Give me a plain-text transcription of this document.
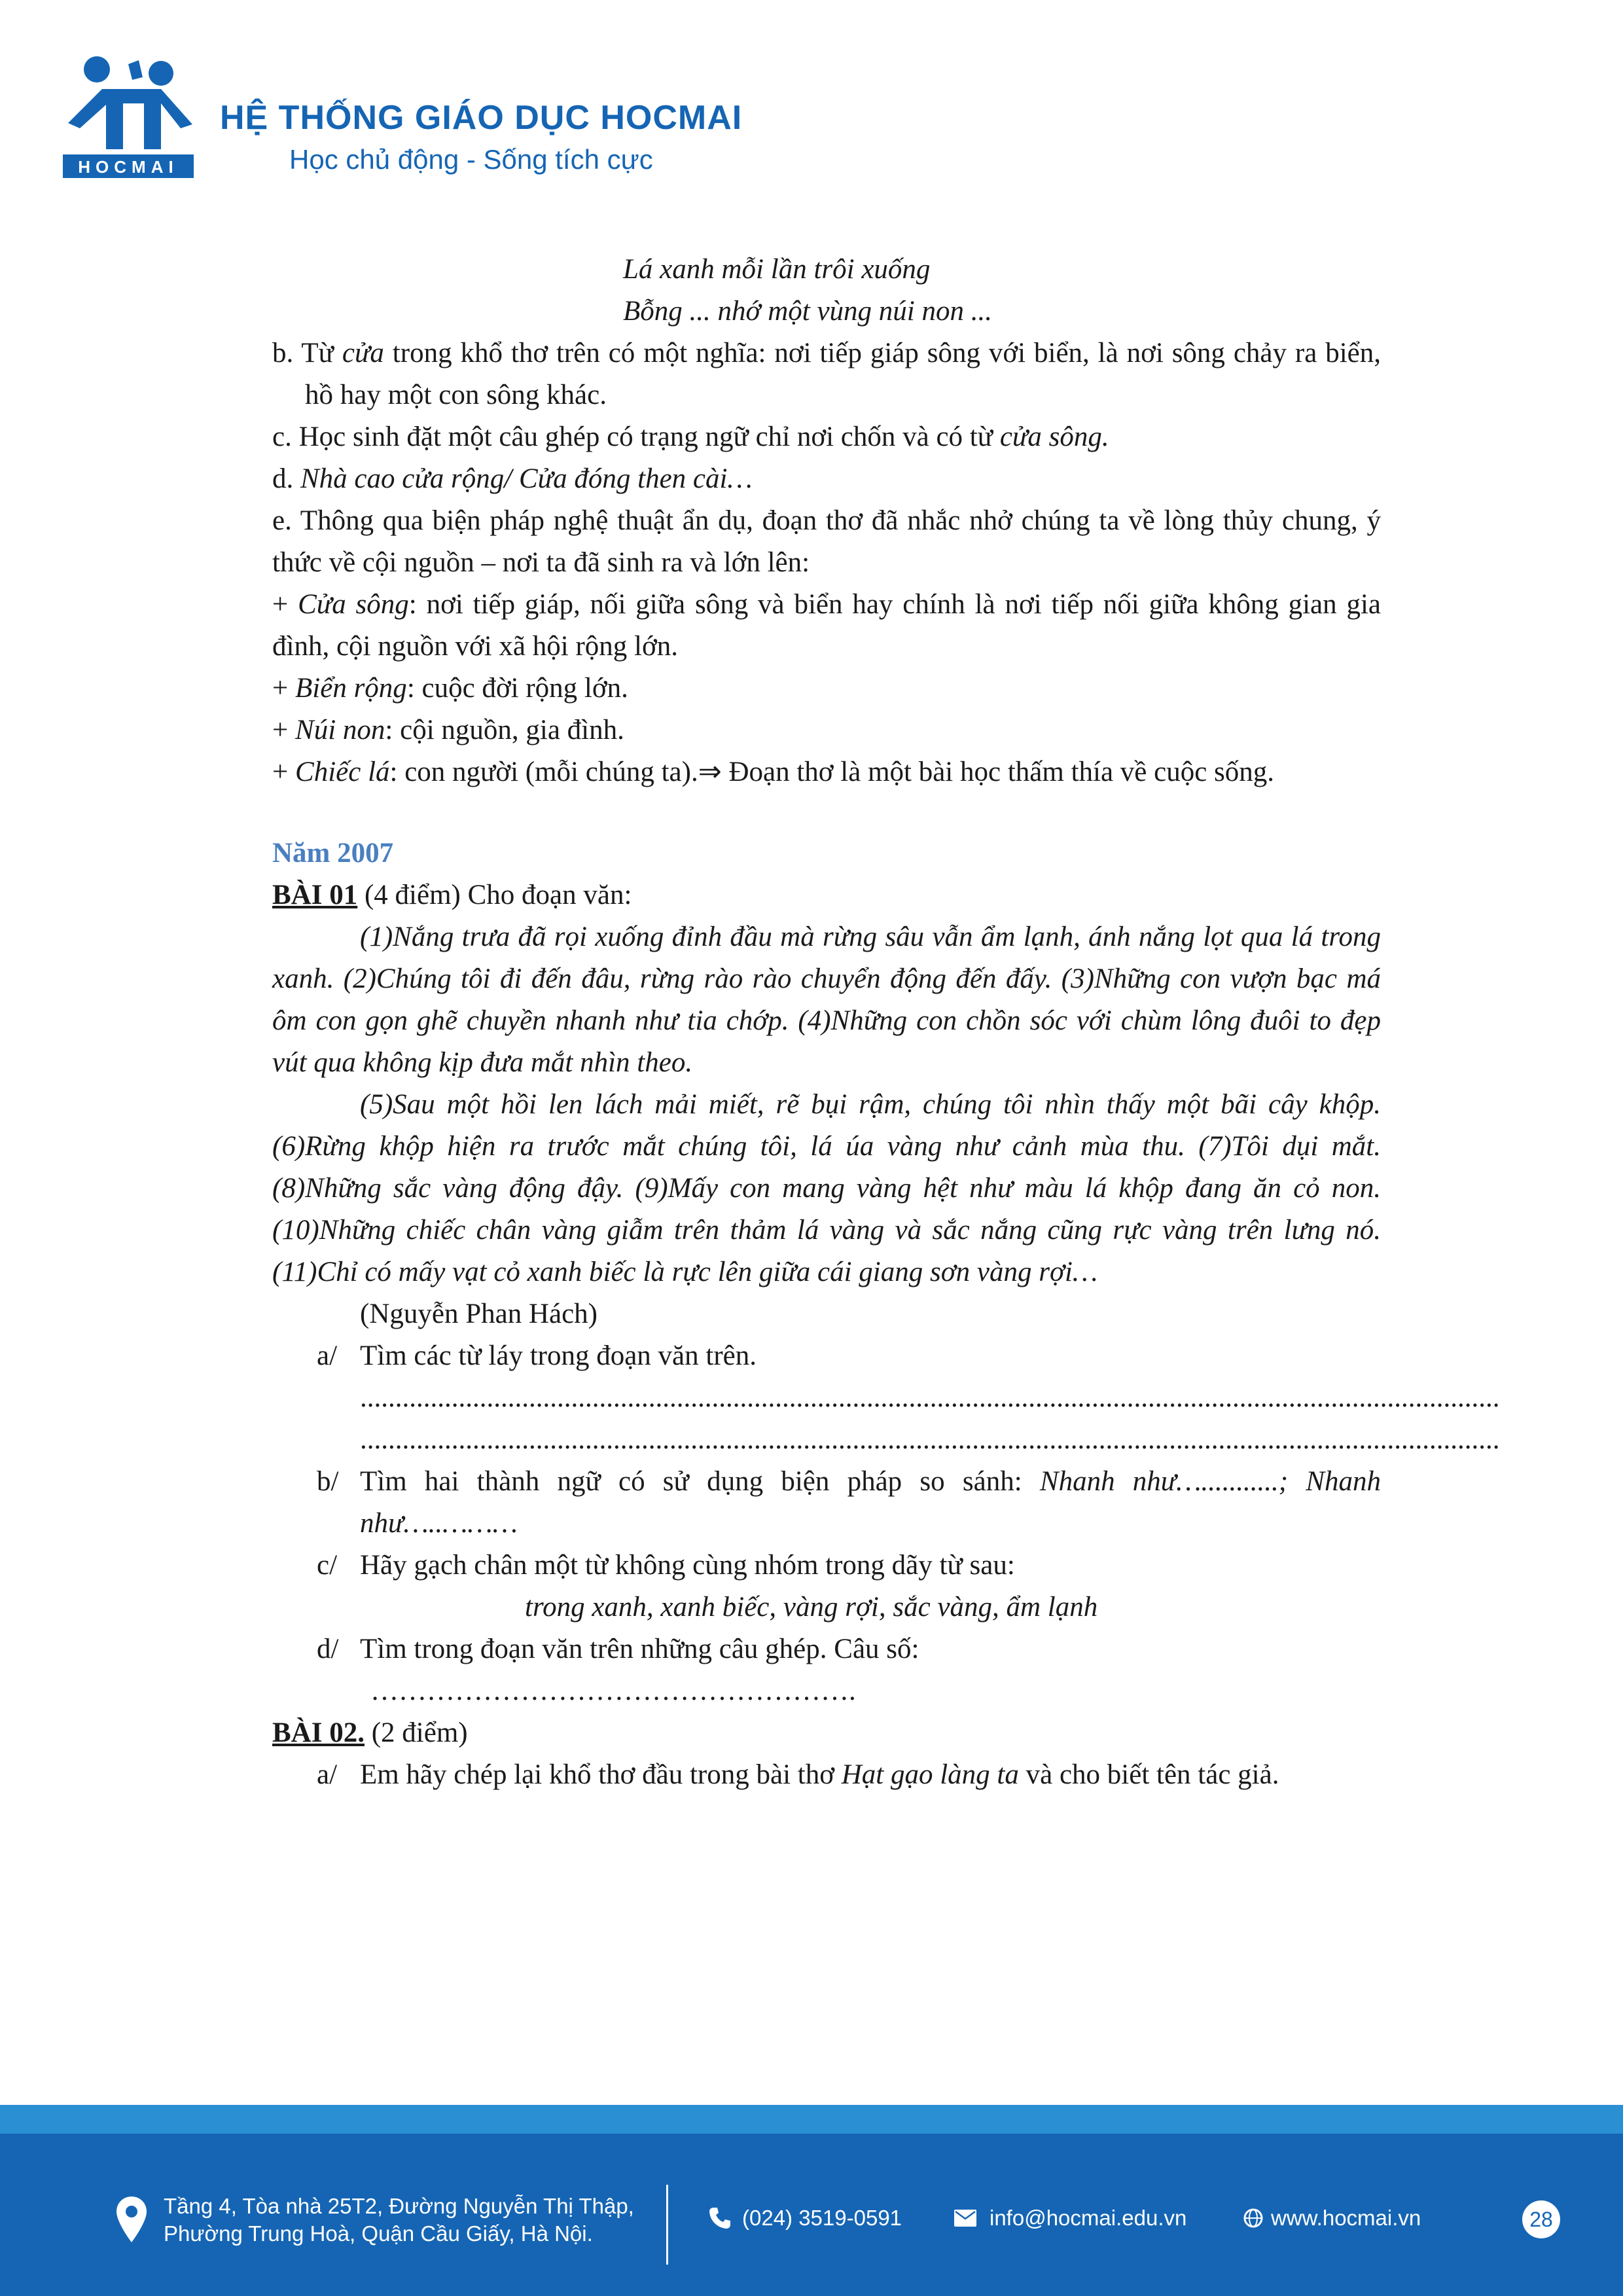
HOCMAI
HỆ THỐNG GIÁO DỤC HOCMAI
Học chủ động - Sống tích cực

Lá xanh mỗi lần trôi xuống

Bỗng ... nhớ một vùng núi non ...

b. Từ cửa trong khổ thơ trên có một nghĩa: nơi tiếp giáp sông với biển, là nơi sông chảy ra biển, hồ hay một con sông khác.

c. Học sinh đặt một câu ghép có trạng ngữ chỉ nơi chốn và có từ cửa sông.

d. Nhà cao cửa rộng/ Cửa đóng then cài…

e. Thông qua biện pháp nghệ thuật ẩn dụ, đoạn thơ đã nhắc nhở chúng ta về lòng thủy chung, ý thức về cội nguồn – nơi ta đã sinh ra và lớn lên:

+ Cửa sông: nơi tiếp giáp, nối giữa sông và biển hay chính là nơi tiếp nối giữa không gian gia đình, cội nguồn với xã hội rộng lớn.

+ Biển rộng: cuộc đời rộng lớn.

+ Núi non: cội nguồn, gia đình.

+ Chiếc lá: con người (mỗi chúng ta).⇒ Đoạn thơ là một bài học thấm thía về cuộc sống.

Năm 2007

BÀI 01 (4 điểm) Cho đoạn văn:

(1)Nắng trưa đã rọi xuống đỉnh đầu mà rừng sâu vẫn ẩm lạnh, ánh nắng lọt qua lá trong xanh. (2)Chúng tôi đi đến đâu, rừng rào rào chuyển động đến đấy. (3)Những con vượn bạc má ôm con gọn ghẽ chuyền nhanh như tia chớp. (4)Những con chồn sóc với chùm lông đuôi to đẹp vút qua không kịp đưa mắt nhìn theo.

(5)Sau một hồi len lách mải miết, rẽ bụi rậm, chúng tôi nhìn thấy một bãi cây khộp. (6)Rừng khộp hiện ra trước mắt chúng tôi, lá úa vàng như cảnh mùa thu. (7)Tôi dụi mắt. (8)Những sắc vàng động đậy. (9)Mấy con mang vàng hệt như màu lá khộp đang ăn cỏ non. (10)Những chiếc chân vàng giẫm trên thảm lá vàng và sắc nắng cũng rực vàng trên lưng nó. (11)Chỉ có mấy vạt cỏ xanh biếc là rực lên giữa cái giang sơn vàng rợi…

(Nguyễn Phan Hách)

a/ Tìm các từ láy trong đoạn văn trên.

..................................................................................................................................................................

..................................................................................................................................................................

b/ Tìm hai thành ngữ có sử dụng biện pháp so sánh: Nhanh như…...........; Nhanh như…..………
c/ Hãy gạch chân một từ không cùng nhóm trong dãy từ sau:

trong xanh, xanh biếc, vàng rợi, sắc vàng, ẩm lạnh

d/ Tìm trong đoạn văn trên những câu ghép. Câu số:

…………………………………………….

BÀI 02. (2 điểm)

a/ Em hãy chép lại khổ thơ đầu trong bài thơ Hạt gạo làng ta và cho biết tên tác giả.
Tầng 4, Tòa nhà 25T2, Đường Nguyễn Thị Thập,
Phường Trung Hoà, Quận Cầu Giấy, Hà Nội.
(024) 3519-0591	info@hocmai.edu.vn	www.hocmai.vn	28
